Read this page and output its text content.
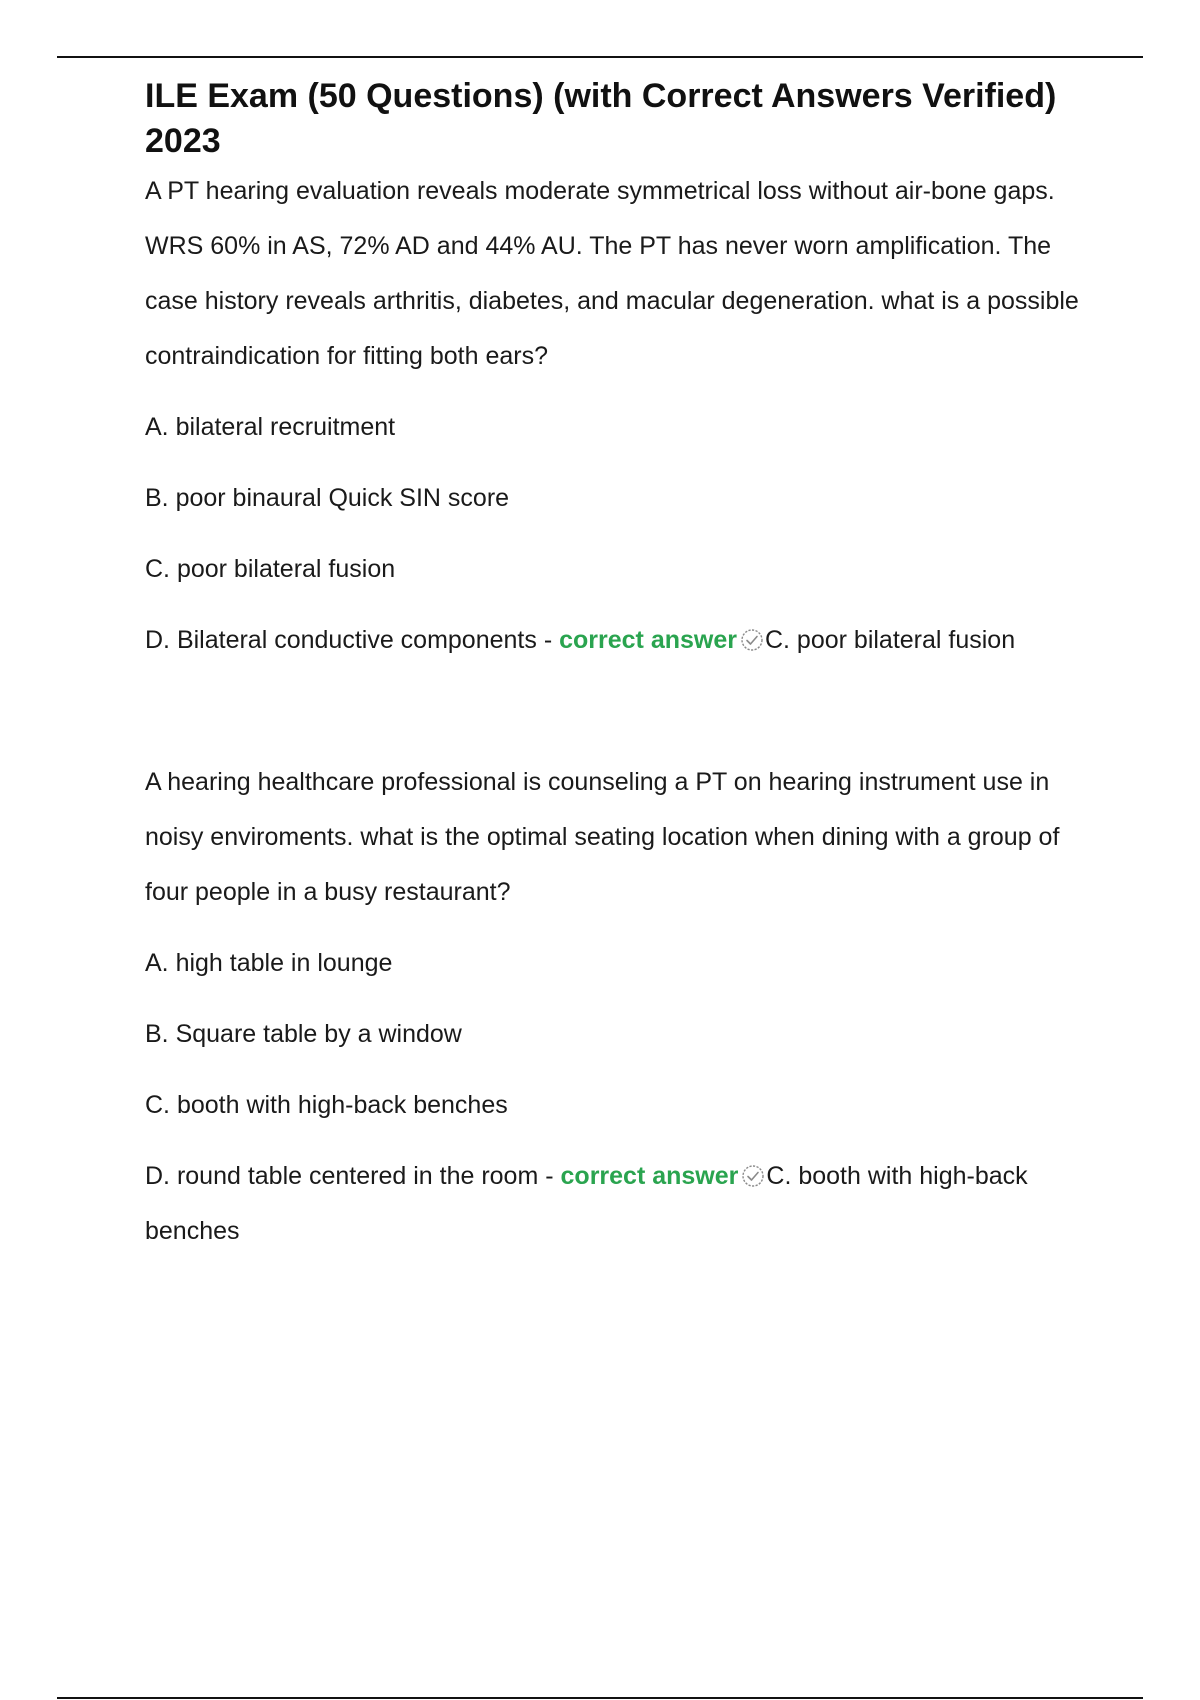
ILE Exam (50 Questions) (with Correct Answers Verified) 2023

A PT hearing evaluation reveals moderate symmetrical loss without air-bone gaps. WRS 60% in AS, 72% AD and 44% AU. The PT has never worn amplification. The case history reveals arthritis, diabetes, and macular degeneration. what is a possible contraindication for fitting both ears?

A. bilateral recruitment

B. poor binaural Quick SIN score

C. poor bilateral fusion

D. Bilateral conductive components - correct answer C. poor bilateral fusion

A hearing healthcare professional is counseling a PT on hearing instrument use in noisy enviroments. what is the optimal seating location when dining with a group of four people in a busy restaurant?

A. high table in lounge

B. Square table by a window

C. booth with high-back benches

D. round table centered in the room - correct answer C. booth with high-back benches
